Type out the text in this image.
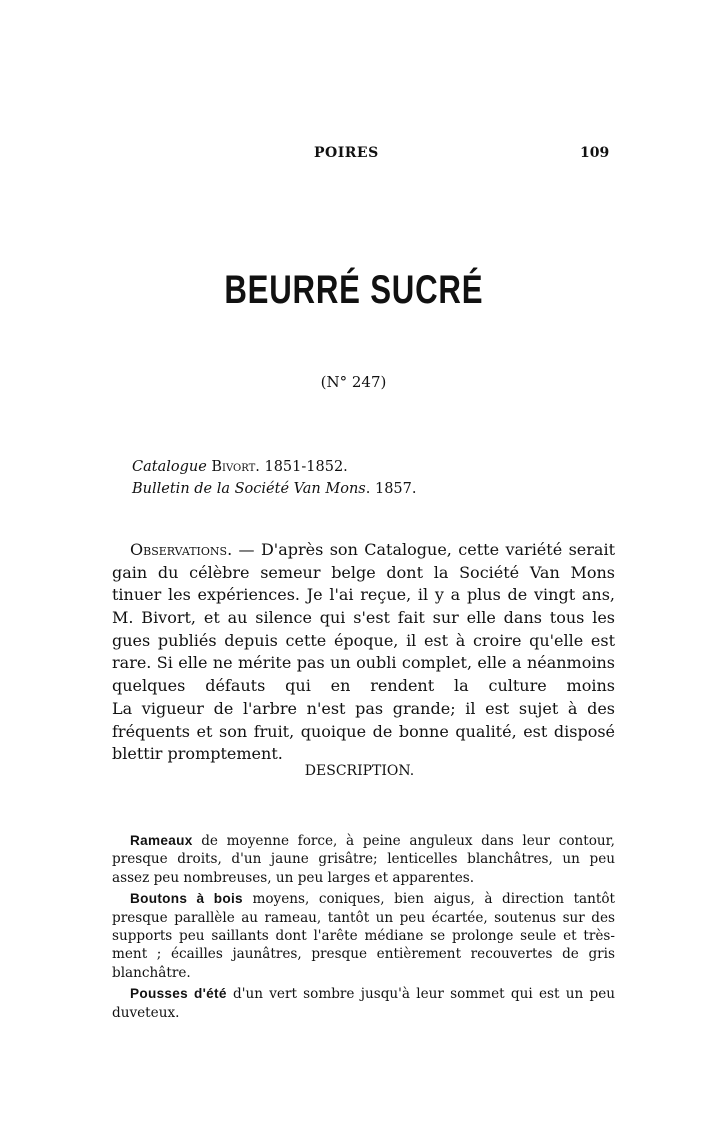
POIRES	109
BEURRÉ SUCRÉ
(N° 247)
Catalogue Bivort. 1851-1852.
Bulletin de la Société Van Mons. 1857.
Observations. — D'après son Catalogue, cette variété serait
gain du célèbre semeur belge dont la Société Van Mons
tinuer les expériences. Je l'ai reçue, il y a plus de vingt ans,
M. Bivort, et au silence qui s'est fait sur elle dans tous les
gues publiés depuis cette époque, il est à croire qu'elle est
rare. Si elle ne mérite pas un oubli complet, elle a néanmoins
quelques défauts qui en rendent la culture moins
La vigueur de l'arbre n'est pas grande; il est sujet à des
fréquents et son fruit, quoique de bonne qualité, est disposé
blettir promptement.
DESCRIPTION.
Rameaux de moyenne force, à peine anguleux dans leur contour,
presque droits, d'un jaune grisâtre; lenticelles blanchâtres, un peu
assez peu nombreuses, un peu larges et apparentes.
Boutons à bois moyens, coniques, bien aigus, à direction tantôt
presque parallèle au rameau, tantôt un peu écartée, soutenus sur des
supports peu saillants dont l'arête médiane se prolonge seule et très-
ment ; écailles jaunâtres, presque entièrement recouvertes de gris
blanchâtre.
Pousses d'été d'un vert sombre jusqu'à leur sommet qui est un peu
duveteux.
